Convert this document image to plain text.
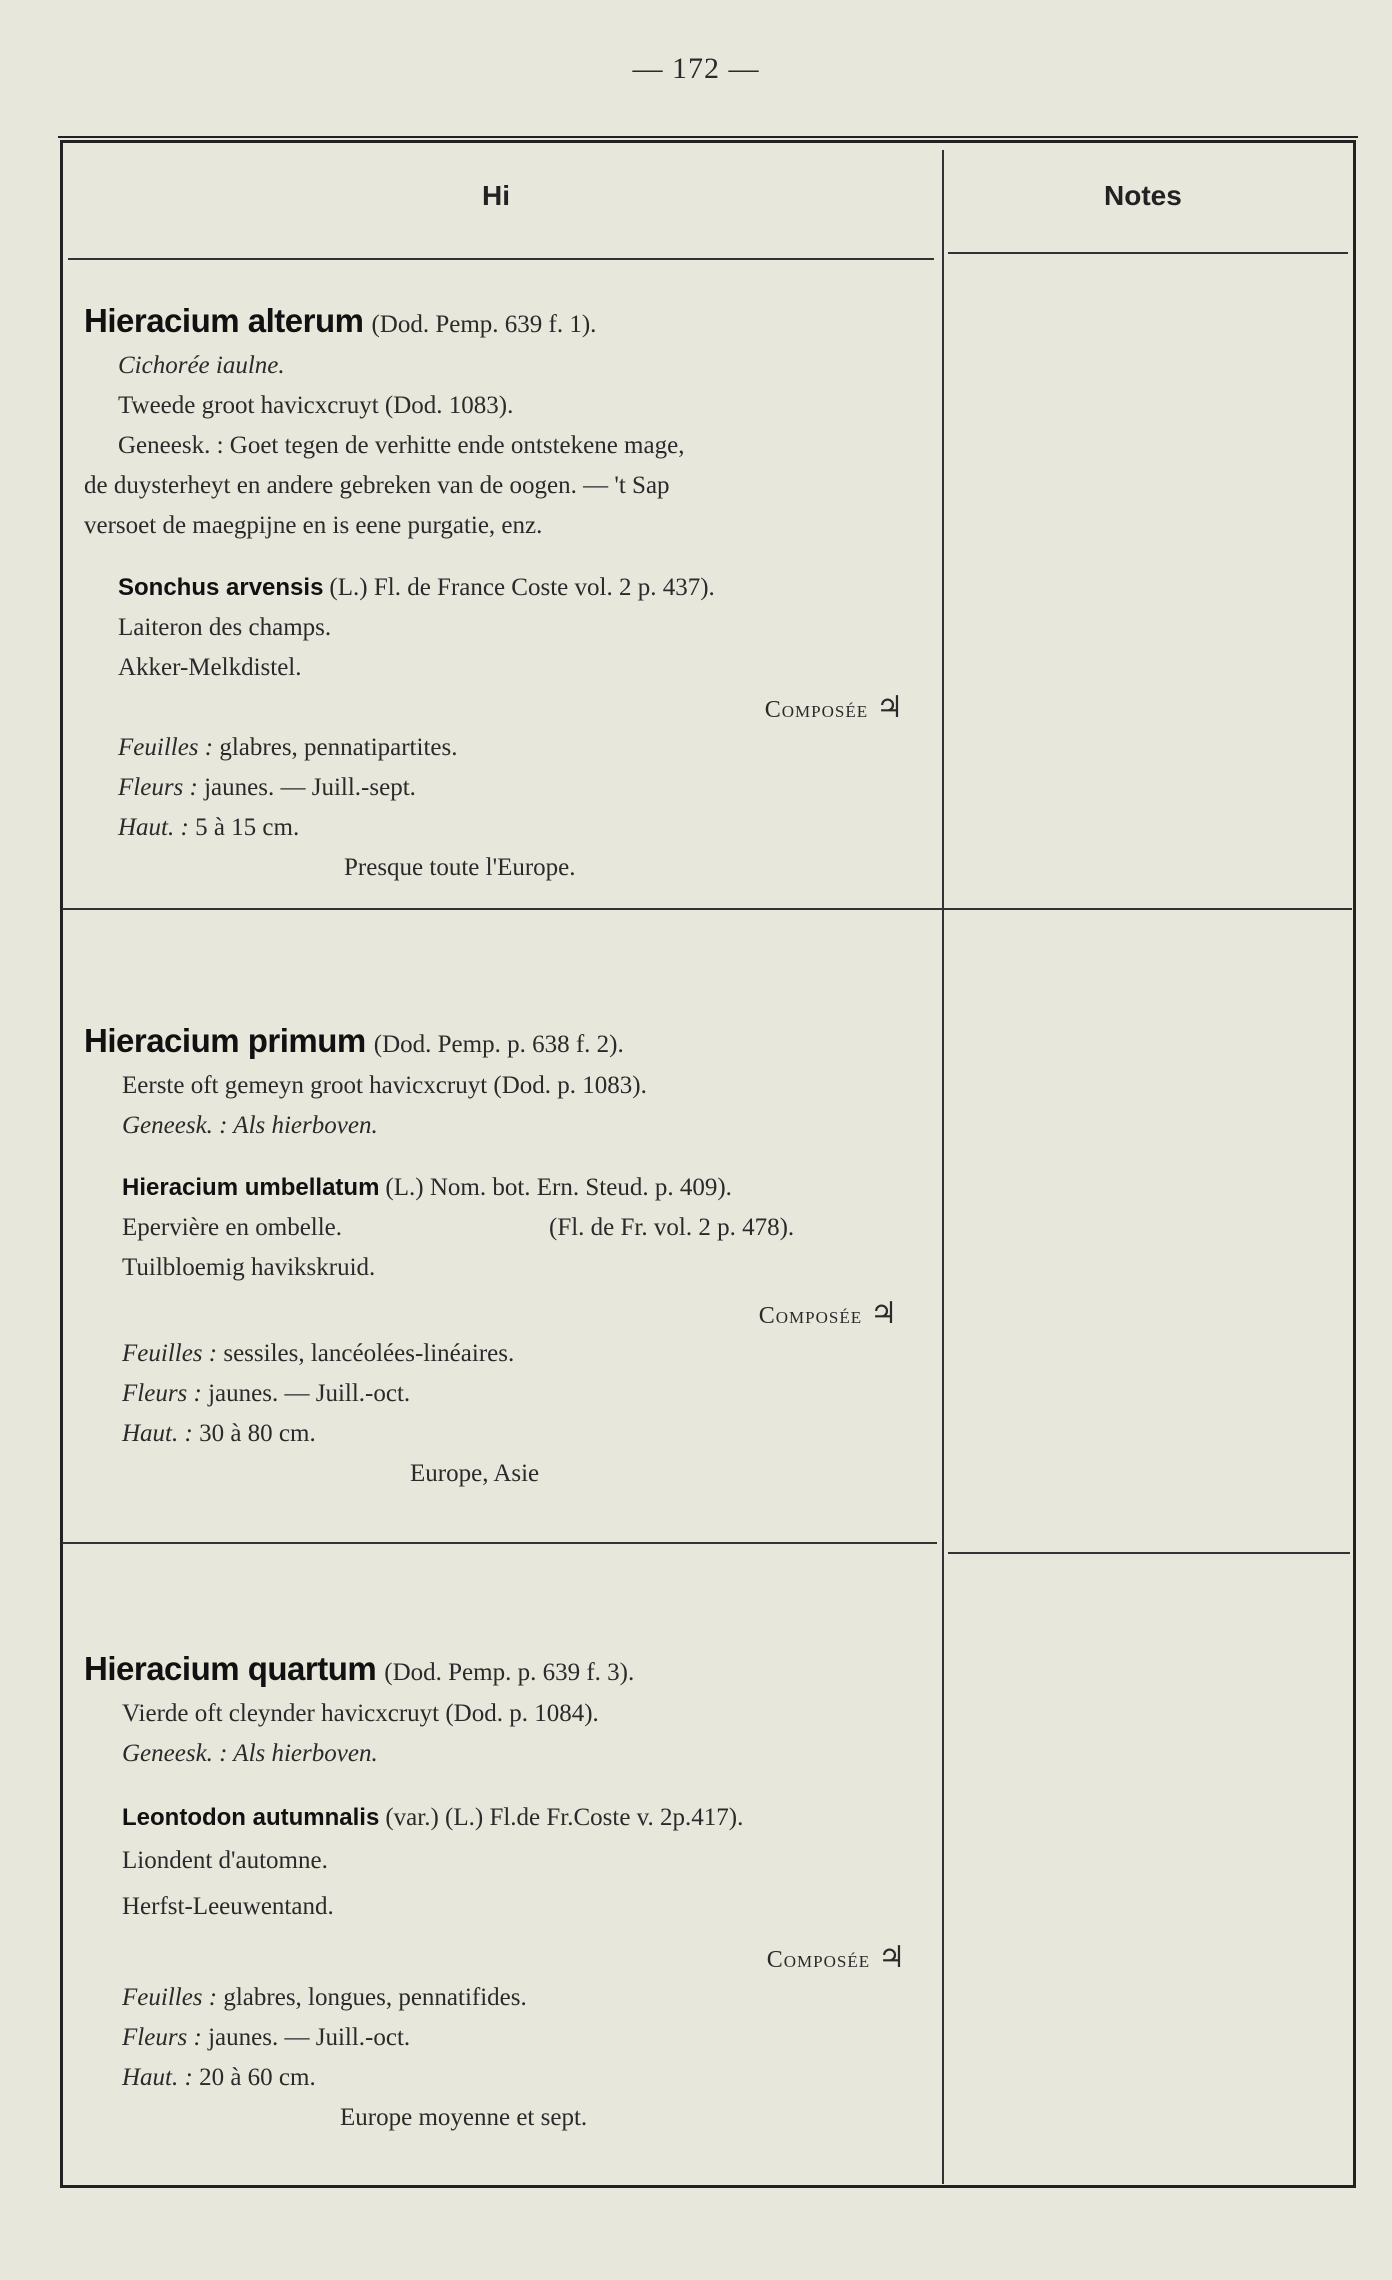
— 172 —
Hi	Notes
Hieracium alterum (Dod. Pemp. 639 f. 1).
Cichorée iaulne.
Tweede groot havicxcruyt (Dod. 1083).
Geneesk. : Goet tegen de verhitte ende ontstekene mage,
de duysterheyt en andere gebreken van de oogen. — 't Sap
versoet de maegpijne en is eene purgatie, enz.
Sonchus arvensis (L.) Fl. de France Coste vol. 2 p. 437).
Laiteron des champs.
Akker-Melkdistel.
Composée ♃
Feuilles : glabres, pennatipartites.
Fleurs : jaunes. — Juill.-sept.
Haut. : 5 à 15 cm.
Presque toute l'Europe.
Hieracium primum (Dod. Pemp. p. 638 f. 2).
Eerste oft gemeyn groot havicxcruyt (Dod. p. 1083).
Geneesk. : Als hierboven.
Hieracium umbellatum (L.) Nom. bot. Ern. Steud. p. 409).
Epervière en ombelle.	(Fl. de Fr. vol. 2 p. 478).
Tuilbloemig havikskruid.
Composée ♃
Feuilles : sessiles, lancéolées-linéaires.
Fleurs : jaunes. — Juill.-oct.
Haut. : 30 à 80 cm.
Europe, Asie
Hieracium quartum (Dod. Pemp. p. 639 f. 3).
Vierde oft cleynder havicxcruyt (Dod. p. 1084).
Geneesk. : Als hierboven.
Leontodon autumnalis (var.) (L.) Fl.de Fr.Coste v. 2p.417).
Liondent d'automne.
Herfst-Leeuwentand.
Composée ♃
Feuilles : glabres, longues, pennatifides.
Fleurs : jaunes. — Juill.-oct.
Haut. : 20 à 60 cm.
Europe moyenne et sept.
